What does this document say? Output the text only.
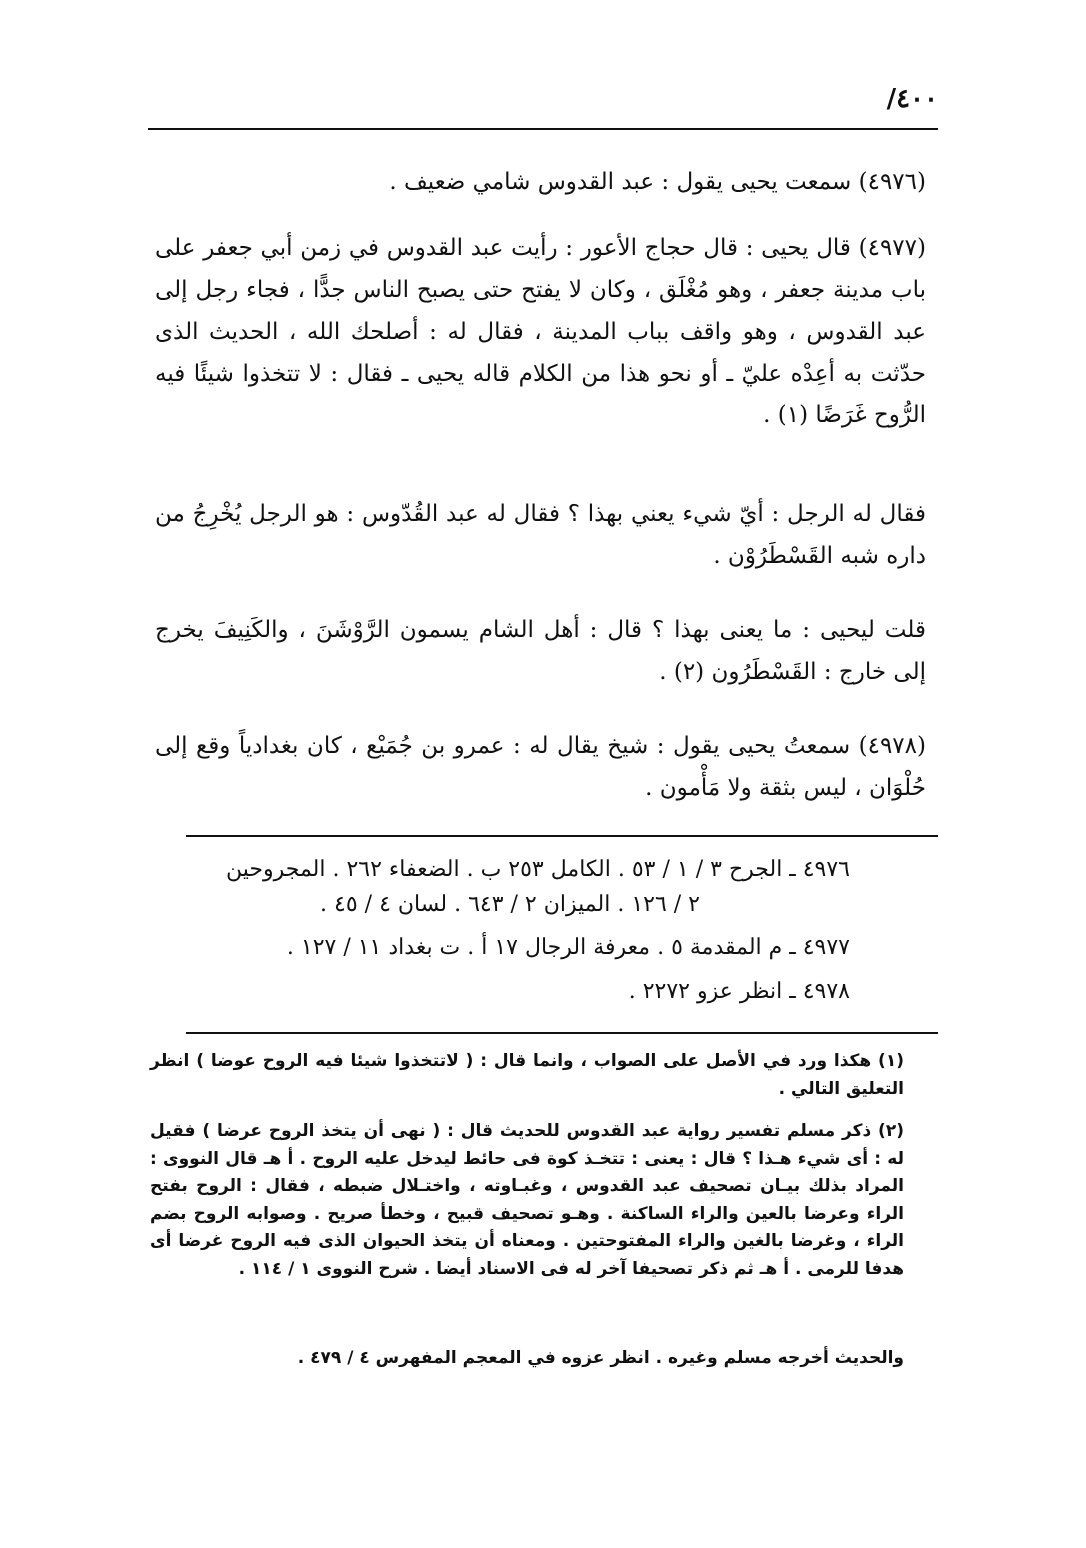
٤٠٠/
(٤٩٧٦) سمعت يحيى يقول : عبد القدوس شامي ضعيف .
(٤٩٧٧) قال يحيى : قال حجاج الأعور : رأيت عبد القدوس في زمن أبي جعفر على باب مدينة جعفر ، وهو مُغْلَق ، وكان لا يفتح حتى يصبح الناس جدًّا ، فجاء رجل إلى عبد القدوس ، وهو واقف بباب المدينة ، فقال له : أصلحك الله ، الحديث الذى حدّثت به أعِدْه عليّ ـ أو نحو هذا من الكلام قاله يحيى ـ فقال : لا تتخذوا شيئًا فيه الرُّوح غَرَضًا (١) .
فقال له الرجل : أيّ شيء يعني بهذا ؟ فقال له عبد القُدّوس : هو الرجل يُخْرِجُ من داره شبه القَسْطَرُوْن .
قلت ليحيى : ما يعنى بهذا ؟ قال : أهل الشام يسمون الرَّوْشَنَ ، والكَنِيفَ يخرج إلى خارج : القَسْطَرُون (٢) .
(٤٩٧٨) سمعتُ يحيى يقول : شيخ يقال له : عمرو بن جُمَيْع ، كان بغدادياً وقع إلى حُلْوَان ، ليس بثقة ولا مَأْمون .
٤٩٧٦ ـ الجرح ٣ / ١ / ٥٣ . الكامل ٢٥٣ ب . الضعفاء ٢٦٢ . المجروحين
٢ / ١٢٦ . الميزان ٢ / ٦٤٣ . لسان ٤ / ٤٥ .
٤٩٧٧ ـ م المقدمة ٥ . معرفة الرجال ١٧ أ . ت بغداد ١١ / ١٢٧ .
٤٩٧٨ ـ انظر عزو ٢٢٧٢ .
(١) هكذا ورد في الأصل على الصواب ، وانما قال : ( لاتتخذوا شيئا فيه الروح عوضا ) انظر التعليق التالي .
(٢) ذكر مسلم تفسير رواية عبد القدوس للحديث قال : ( نهى أن يتخذ الروح عرضا ) فقيل له : أى شيء هـذا ؟ قال : يعنى : تتخـذ كوة فى حائط ليدخل عليه الروح . أ هـ قال النووى : المراد بذلك بيـان تصحيف عبد القدوس ، وغبـاوته ، واختـلال ضبطه ، فقال : الروح بفتح الراء وعرضا بالعين والراء الساكنة . وهـو تصحيف قبيح ، وخطأ صريح . وصوابه الروح بضم الراء ، وغرضا بالغين والراء المفتوحتين . ومعناه أن يتخذ الحيوان الذى فيه الروح غرضا أى هدفا للرمى . أ هـ ثم ذكر تصحيفا آخر له فى الاسناد أيضا . شرح النووى ١ / ١١٤ .
والحديث أخرجه مسلم وغيره . انظر عزوه في المعجم المفهرس ٤ / ٤٧٩ .
